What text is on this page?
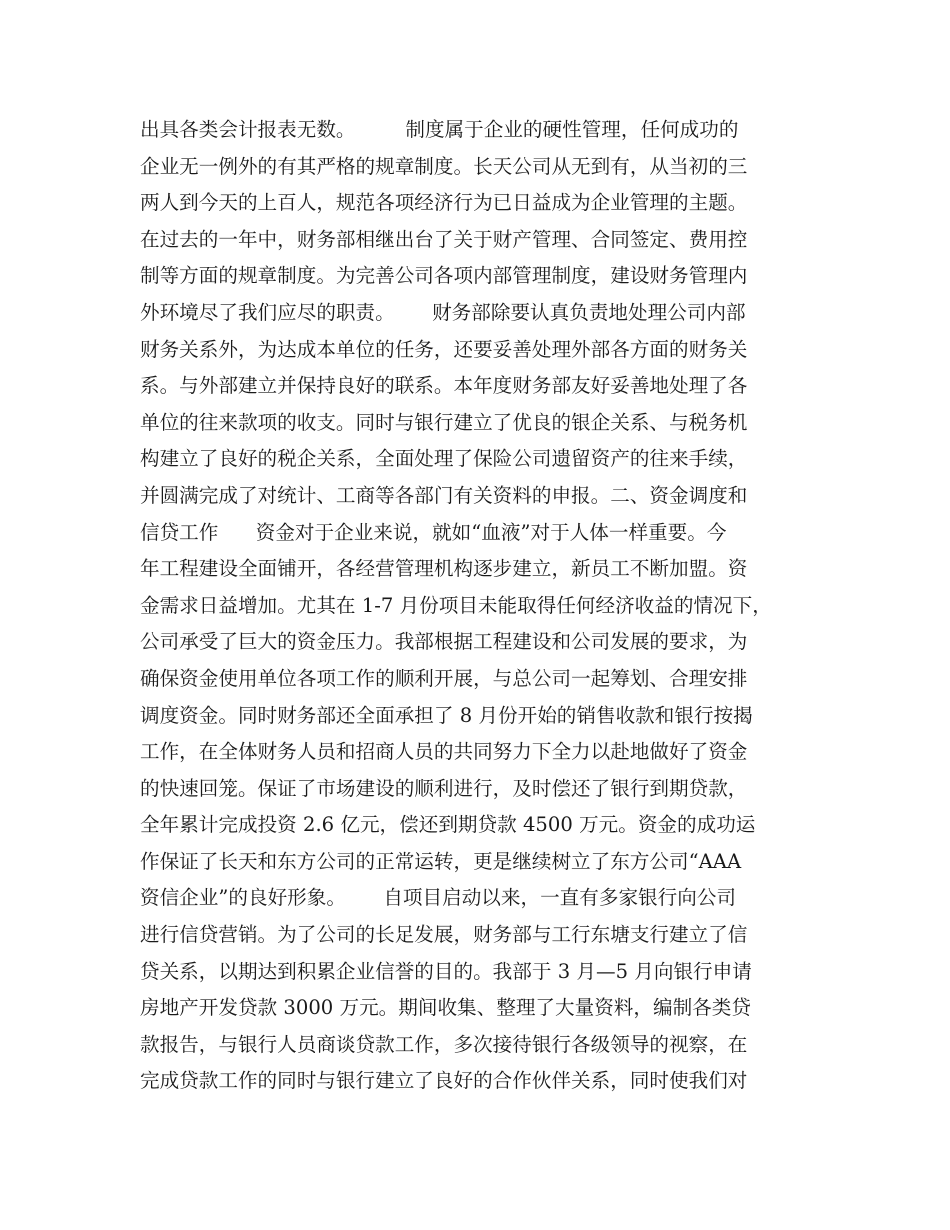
出具各类会计报表无数。        制度属于企业的硬性管理，任何成功的
企业无一例外的有其严格的规章制度。长天公司从无到有，从当初的三
两人到今天的上百人，规范各项经济行为已日益成为企业管理的主题。
在过去的一年中，财务部相继出台了关于财产管理、合同签定、费用控
制等方面的规章制度。为完善公司各项内部管理制度，建设财务管理内
外环境尽了我们应尽的职责。      财务部除要认真负责地处理公司内部
财务关系外，为达成本单位的任务，还要妥善处理外部各方面的财务关
系。与外部建立并保持良好的联系。本年度财务部友好妥善地处理了各
单位的往来款项的收支。同时与银行建立了优良的银企关系、与税务机
构建立了良好的税企关系，全面处理了保险公司遗留资产的往来手续，
并圆满完成了对统计、工商等各部门有关资料的申报。二、资金调度和
信贷工作      资金对于企业来说，就如“血液”对于人体一样重要。今
年工程建设全面铺开，各经营管理机构逐步建立，新员工不断加盟。资
金需求日益增加。尤其在 1-7 月份项目未能取得任何经济收益的情况下，
公司承受了巨大的资金压力。我部根据工程建设和公司发展的要求，为
确保资金使用单位各项工作的顺利开展，与总公司一起筹划、合理安排
调度资金。同时财务部还全面承担了 8 月份开始的销售收款和银行按揭
工作，在全体财务人员和招商人员的共同努力下全力以赴地做好了资金
的快速回笼。保证了市场建设的顺利进行，及时偿还了银行到期贷款，
全年累计完成投资 2.6 亿元，偿还到期贷款 4500 万元。资金的成功运
作保证了长天和东方公司的正常运转，更是继续树立了东方公司“AAA
资信企业”的良好形象。      自项目启动以来，一直有多家银行向公司
进行信贷营销。为了公司的长足发展，财务部与工行东塘支行建立了信
贷关系，以期达到积累企业信誉的目的。我部于 3 月—5 月向银行申请
房地产开发贷款 3000 万元。期间收集、整理了大量资料，编制各类贷
款报告，与银行人员商谈贷款工作，多次接待银行各级领导的视察，在
完成贷款工作的同时与银行建立了良好的合作伙伴关系，同时使我们对
